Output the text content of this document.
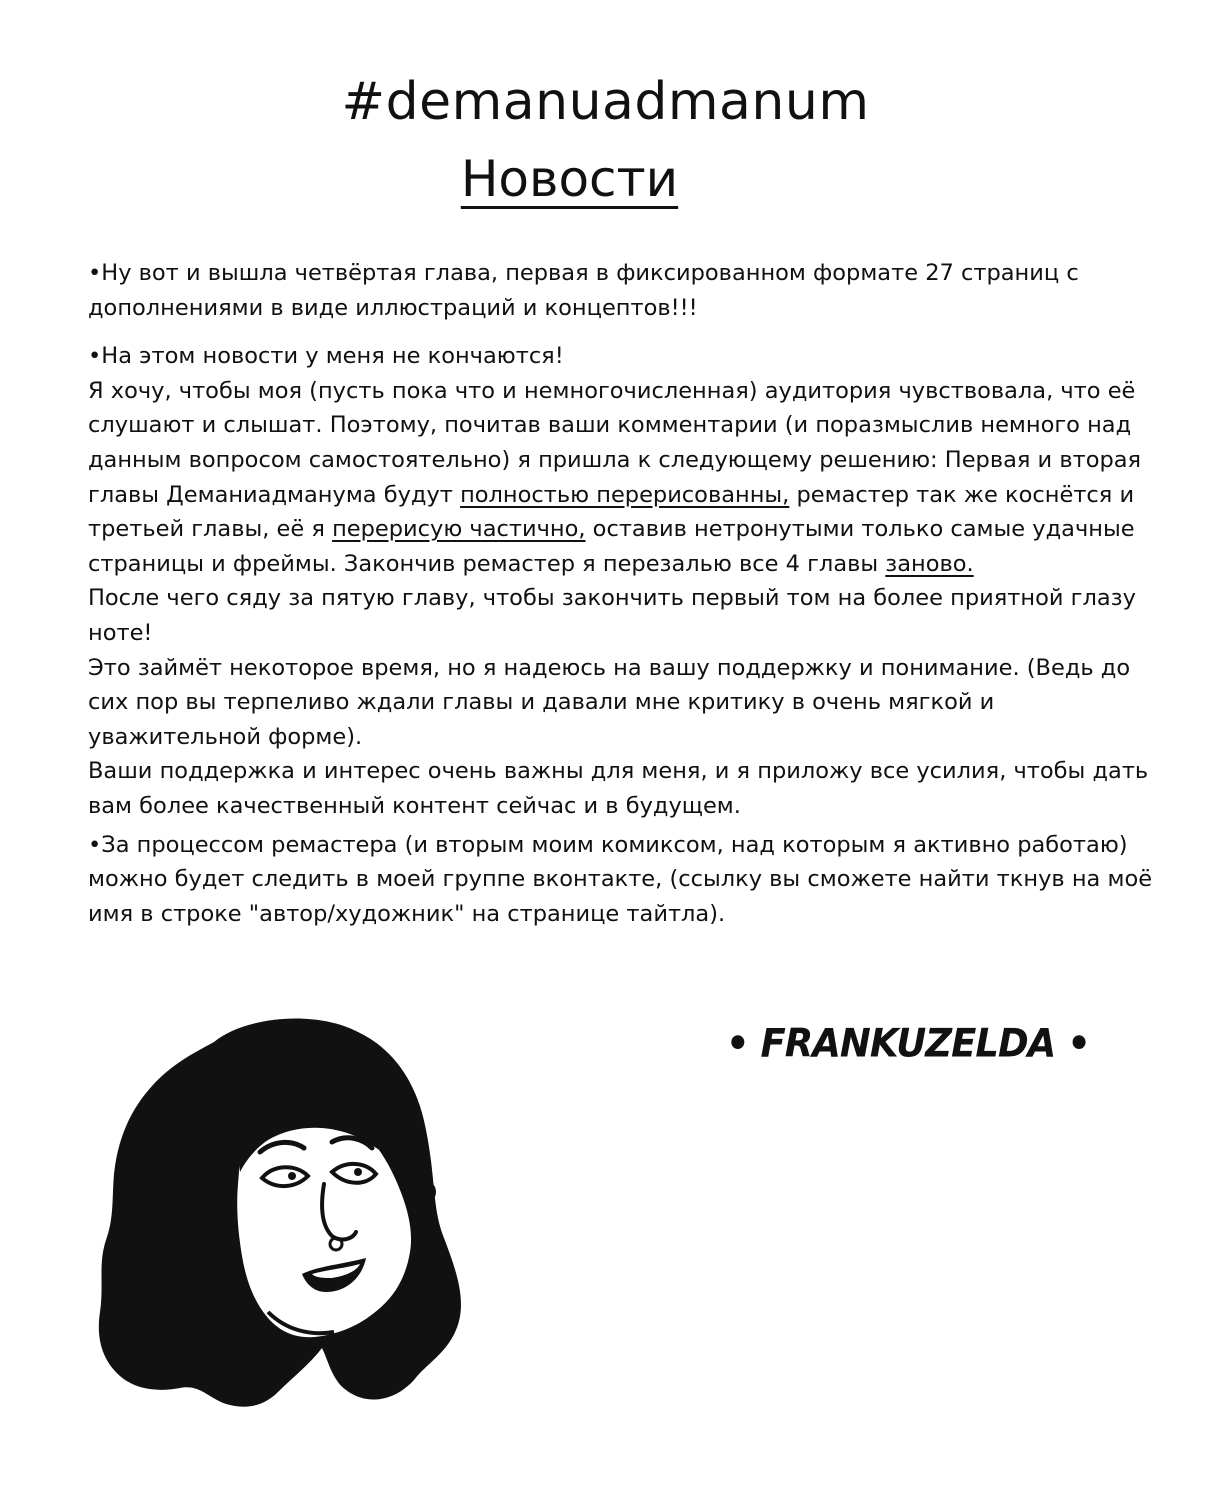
#demanuadmanum
Новости

•Ну вот и вышла четвёртая глава, первая в фиксированном формате 27 страниц с дополнениями в виде иллюстраций и концептов!!!

•На этом новости у меня не кончаются!

Я хочу, чтобы моя (пусть пока что и немногочисленная) аудитория чувствовала, что её слушают и слышат. Поэтому, почитав ваши комментарии (и поразмыслив немного над данным вопросом самостоятельно) я пришла к следующему решению: Первая и вторая главы Деманиадманума будут полностью перерисованны, ремастер так же коснётся и третьей главы, её я перерисую частично, оставив нетронутыми только самые удачные страницы и фреймы. Закончив ремастер я перезалью все 4 главы заново.

После чего сяду за пятую главу, чтобы закончить первый том на более приятной глазу ноте!

Это займёт некоторое время, но я надеюсь на вашу поддержку и понимание. (Ведь до сих пор вы терпеливо ждали главы и давали мне критику в очень мягкой и уважительной форме).

Ваши поддержка и интерес очень важны для меня, и я приложу все усилия, чтобы дать вам более качественный контент сейчас и в будущем.

•За процессом ремастера (и вторым моим комиксом, над которым я активно работаю) можно будет следить в моей группе вконтакте, (ссылку вы сможете найти ткнув на моё имя в строке "автор/художник" на странице тайтла).

• FRANKUZELDA •
